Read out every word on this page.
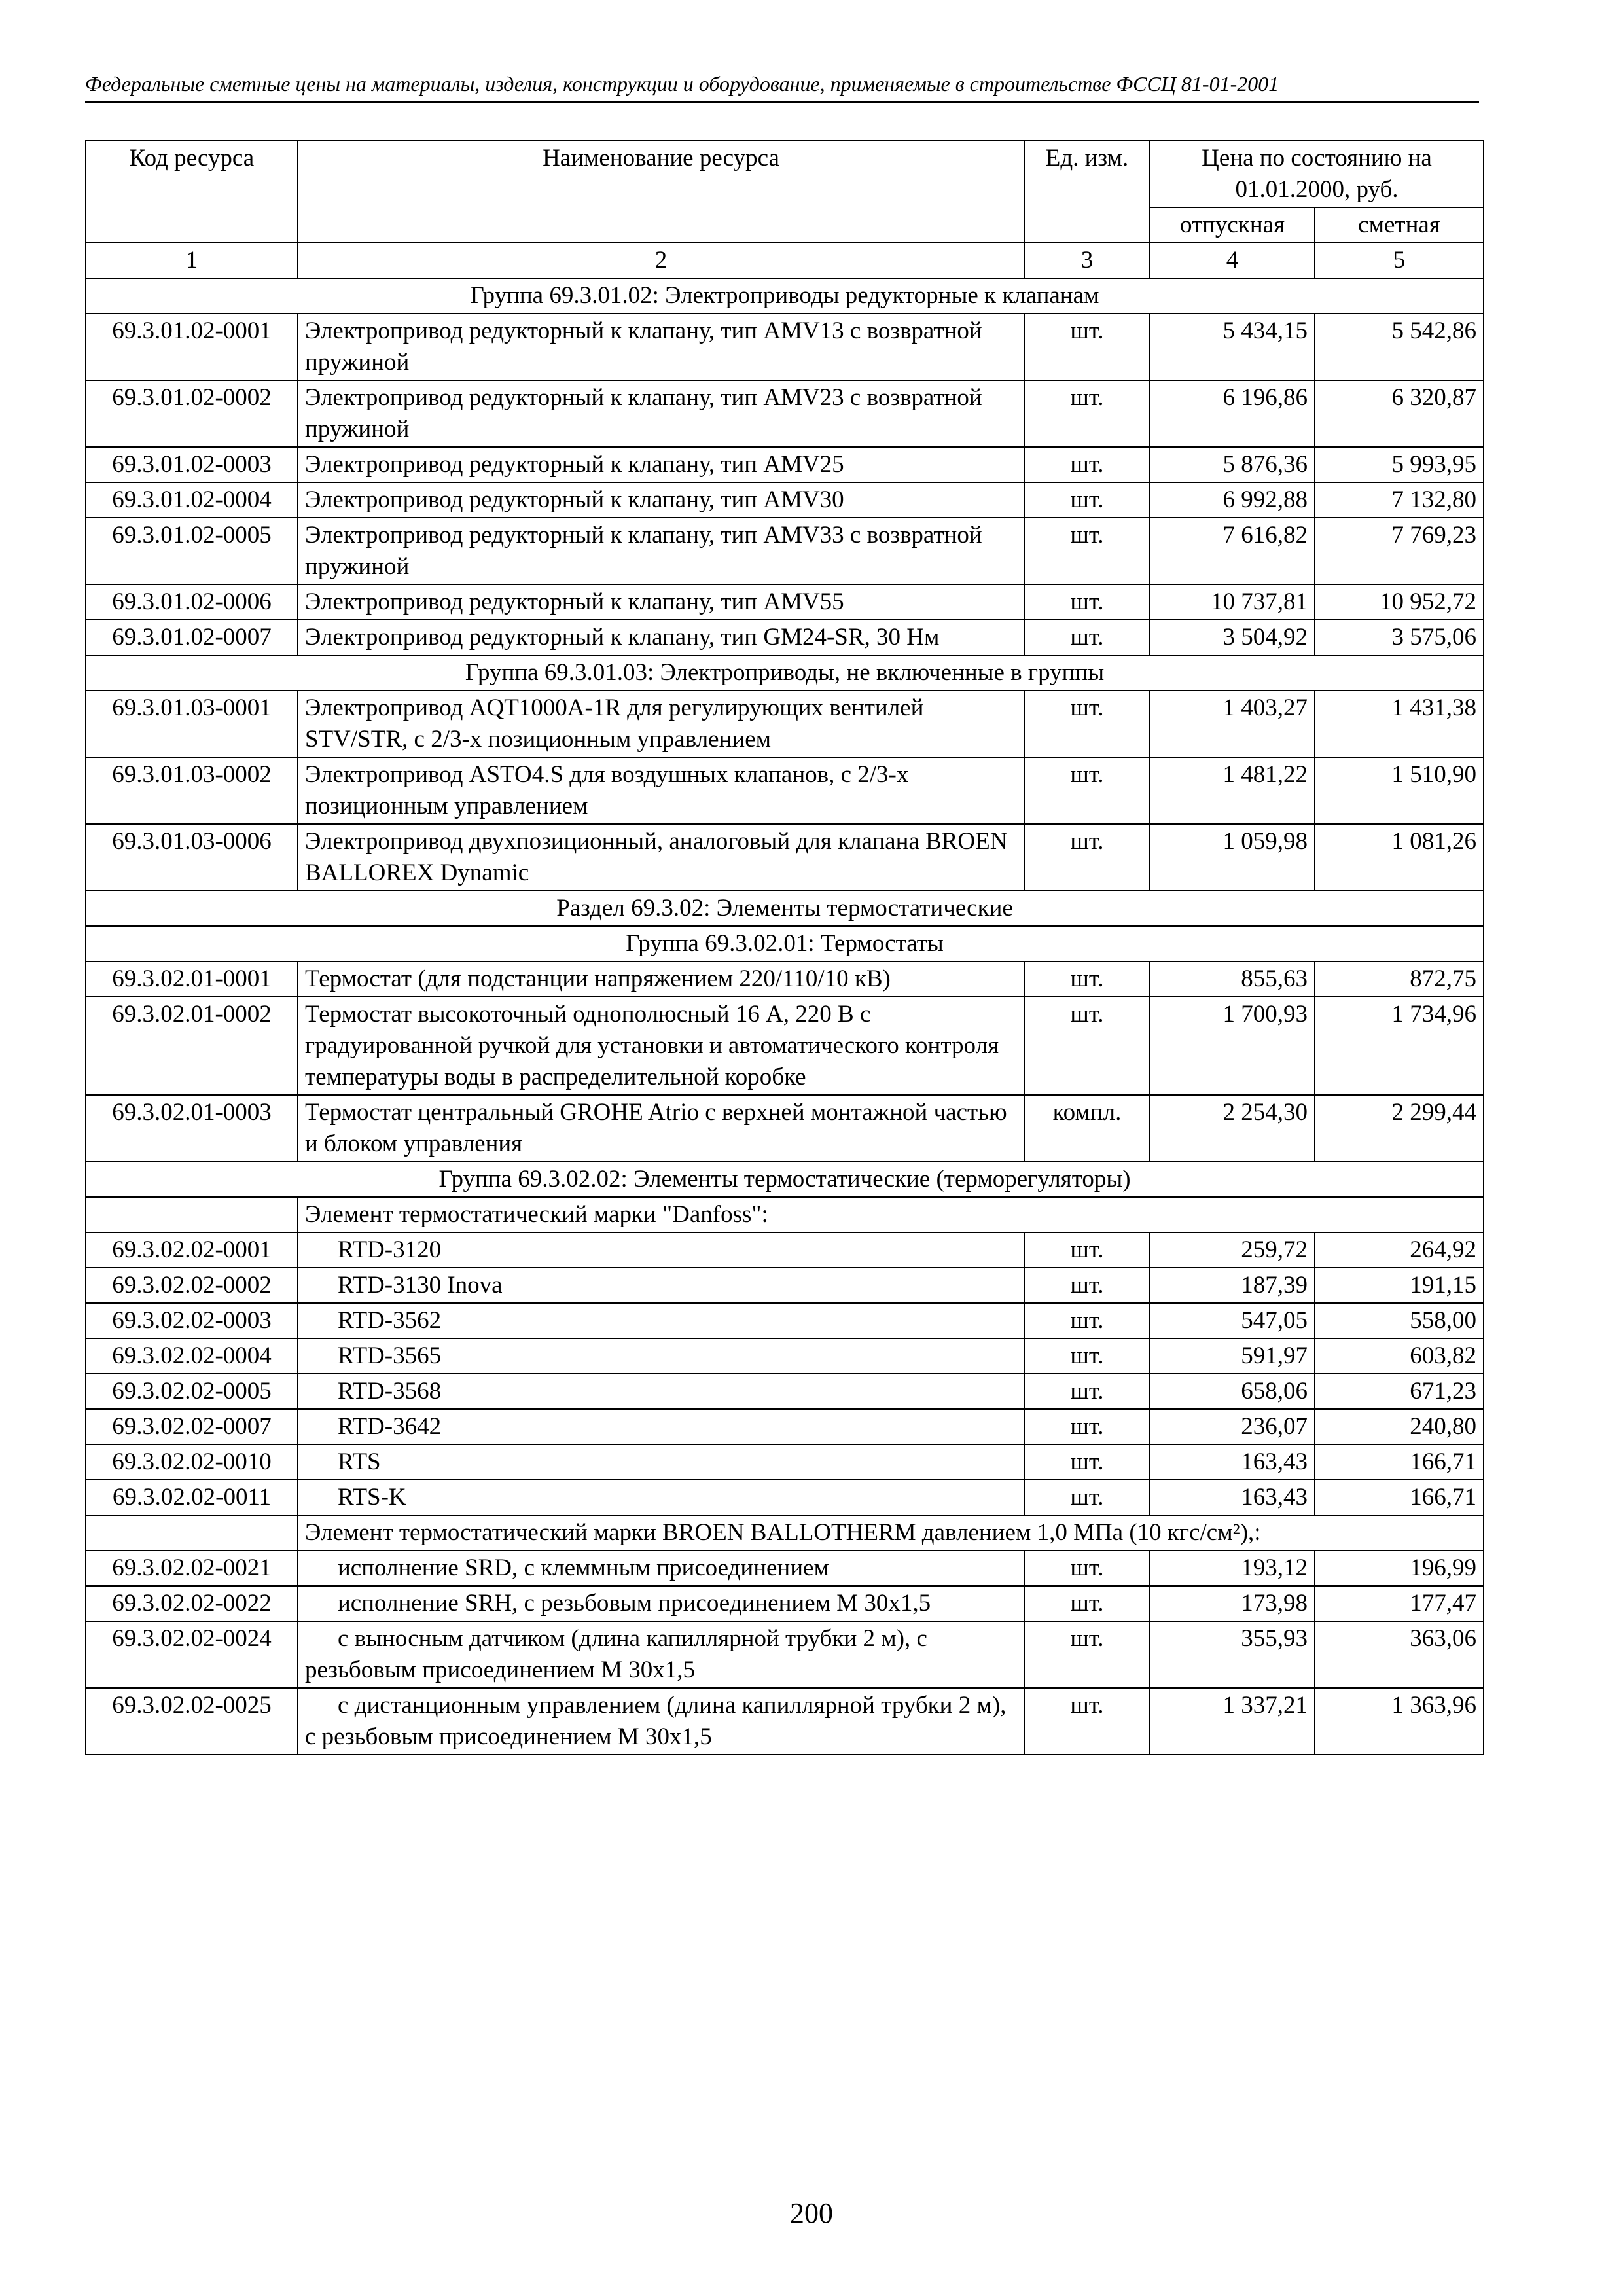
Федеральные сметные цены на материалы, изделия, конструкции и оборудование, применяемые в строительстве ФССЦ 81-01-2001
Код ресурса	Наименование ресурса	Ед. изм.	Цена по состоянию на 01.01.2000, руб.	
			отпускная	сметная
1	2	3	4	5
Группа 69.3.01.02: Электроприводы редукторные к клапанам				
69.3.01.02-0001	Электропривод редукторный к клапану, тип AMV13 с возвратной пружиной	шт.	5 434,15	5 542,86
69.3.01.02-0002	Электропривод редукторный к клапану, тип AMV23 с возвратной пружиной	шт.	6 196,86	6 320,87
69.3.01.02-0003	Электропривод редукторный к клапану, тип AMV25	шт.	5 876,36	5 993,95
69.3.01.02-0004	Электропривод редукторный к клапану, тип AMV30	шт.	6 992,88	7 132,80
69.3.01.02-0005	Электропривод редукторный к клапану, тип AMV33 с возвратной пружиной	шт.	7 616,82	7 769,23
69.3.01.02-0006	Электропривод редукторный к клапану, тип AMV55	шт.	10 737,81	10 952,72
69.3.01.02-0007	Электропривод редукторный к клапану, тип GM24-SR, 30 Нм	шт.	3 504,92	3 575,06
Группа 69.3.01.03: Электроприводы, не включенные в группы				
69.3.01.03-0001	Электропривод AQT1000A-1R для регулирующих вентилей STV/STR, с 2/3-х позиционным управлением	шт.	1 403,27	1 431,38
69.3.01.03-0002	Электропривод ASTO4.S для воздушных клапанов, с 2/3-х позиционным управлением	шт.	1 481,22	1 510,90
69.3.01.03-0006	Электропривод двухпозиционный, аналоговый для клапана BROEN BALLOREX Dynamic	шт.	1 059,98	1 081,26
Раздел 69.3.02: Элементы термостатические				
Группа 69.3.02.01: Термостаты				
69.3.02.01-0001	Термостат (для подстанции напряжением 220/110/10 кВ)	шт.	855,63	872,75
69.3.02.01-0002	Термостат высокоточный однополюсный 16 А, 220 В с градуированной ручкой для установки и автоматического контроля температуры воды в распределительной коробке	шт.	1 700,93	1 734,96
69.3.02.01-0003	Термостат центральный GROHE Atrio с верхней монтажной частью и блоком управления	компл.	2 254,30	2 299,44
Группа 69.3.02.02: Элементы термостатические (терморегуляторы)				
	Элемент термостатический марки "Danfoss":			
69.3.02.02-0001	RTD-3120	шт.	259,72	264,92
69.3.02.02-0002	RTD-3130 Inova	шт.	187,39	191,15
69.3.02.02-0003	RTD-3562	шт.	547,05	558,00
69.3.02.02-0004	RTD-3565	шт.	591,97	603,82
69.3.02.02-0005	RTD-3568	шт.	658,06	671,23
69.3.02.02-0007	RTD-3642	шт.	236,07	240,80
69.3.02.02-0010	RTS	шт.	163,43	166,71
69.3.02.02-0011	RTS-K	шт.	163,43	166,71
	Элемент термостатический марки BROEN BALLOTHERM давлением 1,0 МПа (10 кгс/см²),:			
69.3.02.02-0021	исполнение SRD, с клеммным присоединением	шт.	193,12	196,99
69.3.02.02-0022	исполнение SRH, с резьбовым присоединением М 30х1,5	шт.	173,98	177,47
69.3.02.02-0024	с выносным датчиком (длина капиллярной трубки 2 м), с резьбовым присоединением М 30х1,5	шт.	355,93	363,06
69.3.02.02-0025	с дистанционным управлением (длина капиллярной трубки 2 м), с резьбовым присоединением М 30х1,5	шт.	1 337,21	1 363,96
200
